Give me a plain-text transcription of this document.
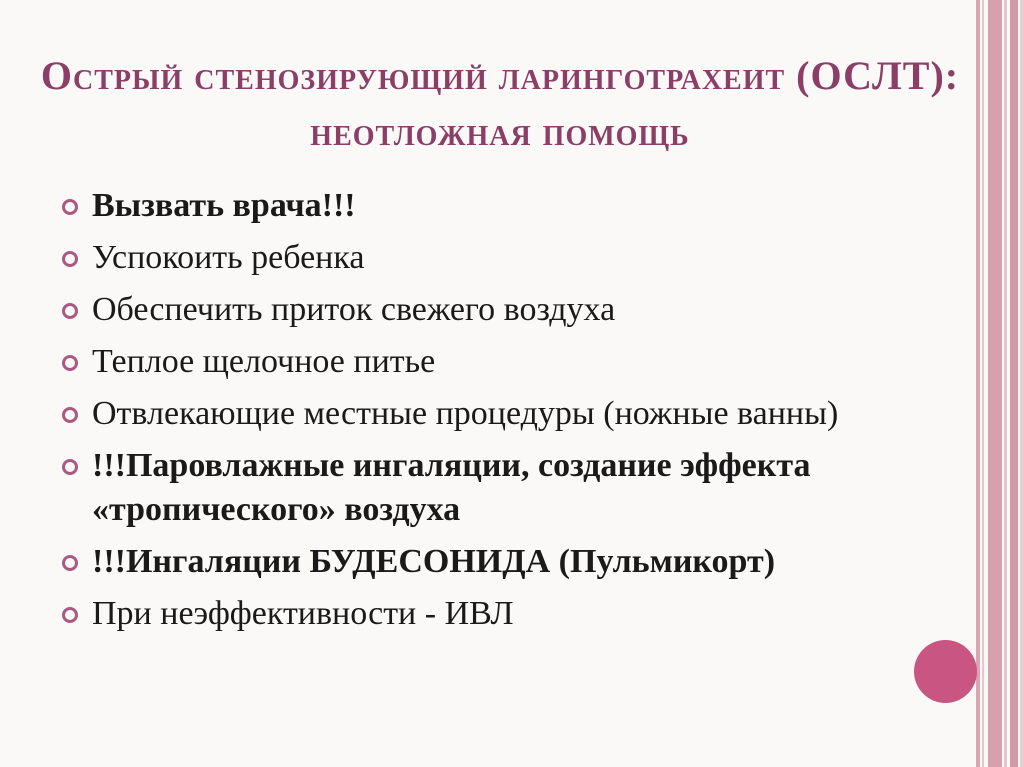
Острый стенозирующий ларинготрахеит (ОСЛТ): неотложная помощь
Вызвать врача!!!
Успокоить ребенка
Обеспечить приток свежего воздуха
Теплое щелочное питье
Отвлекающие местные процедуры (ножные ванны)
!!!Паровлажные ингаляции, создание эффекта «тропического» воздуха
!!!Ингаляции БУДЕСОНИДА (Пульмикорт)
При неэффективности - ИВЛ
